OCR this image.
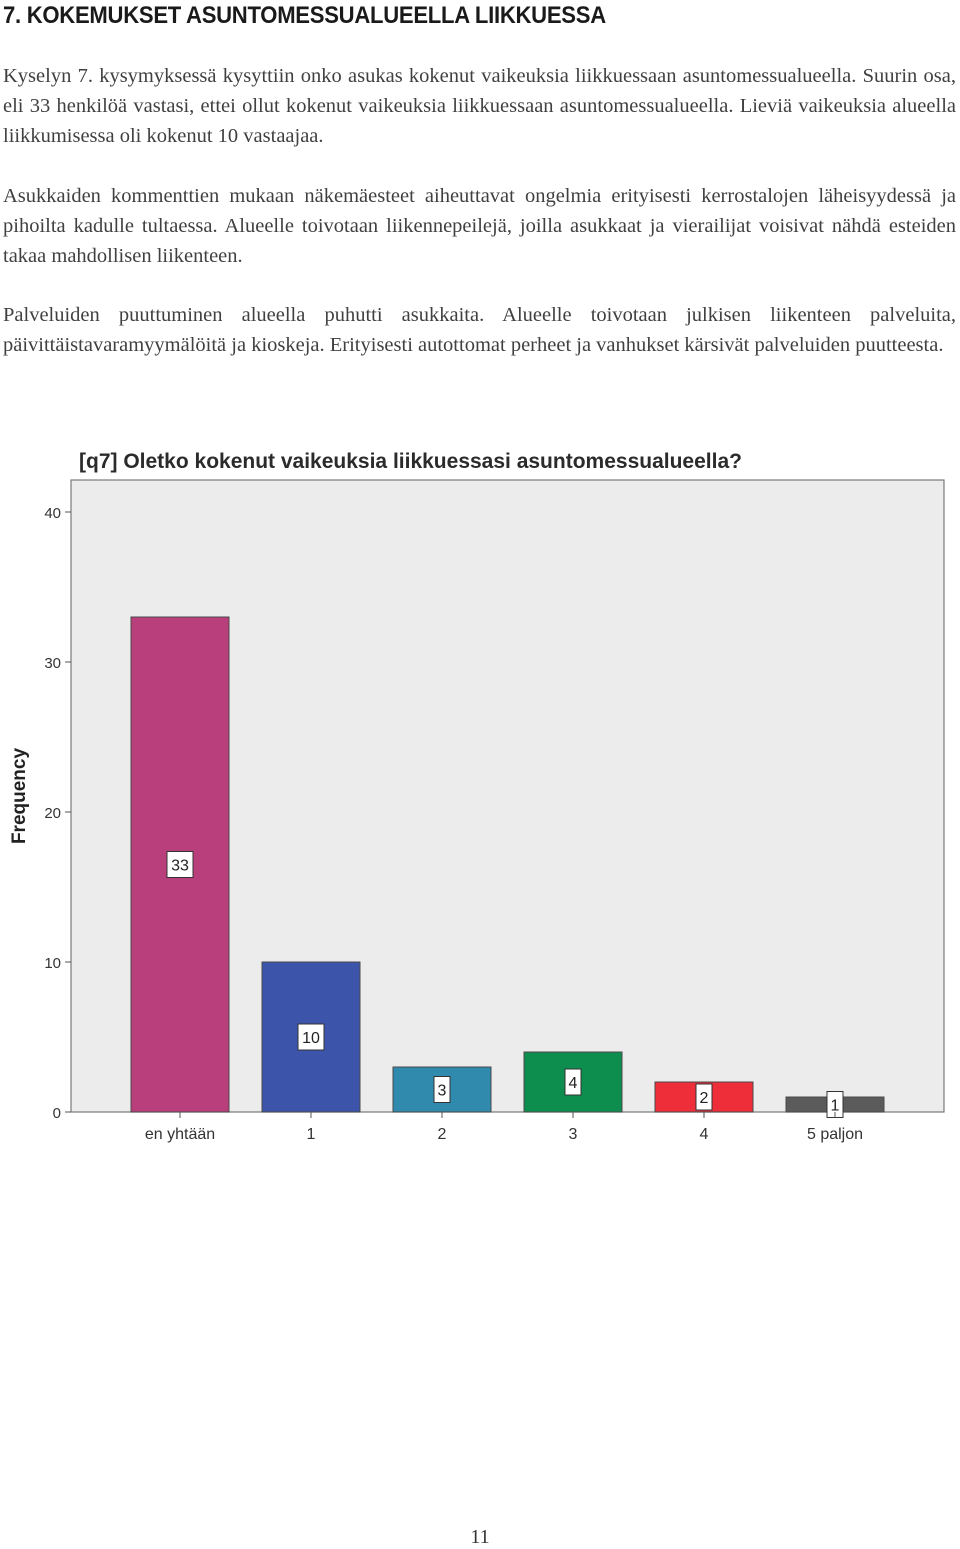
7. KOKEMUKSET ASUNTOMESSUALUEELLA LIIKKUESSA

Kyselyn 7. kysymyksessä kysyttiin onko asukas kokenut vaikeuksia liikkuessaan asuntomessualueella. Suurin osa, eli 33 henkilöä vastasi, ettei ollut kokenut vaikeuksia liikkuessaan asuntomessualueella. Lieviä vaikeuksia alueella liikkumisessa oli kokenut 10 vastaajaa.

Asukkaiden kommenttien mukaan näkemäesteet aiheuttavat ongelmia erityisesti kerrostalojen läheisyydessä ja pihoilta kadulle tultaessa. Alueelle toivotaan liikennepeilejä, joilla asukkaat ja vierailijat voisivat nähdä esteiden takaa mahdollisen liikenteen.

Palveluiden puuttuminen alueella puhutti asukkaita. Alueelle toivotaan julkisen liikenteen palveluita, päivittäistavaramyymälöitä ja kioskeja. Erityisesti autottomat perheet ja vanhukset kärsivät palveluiden puutteesta.

[q7] Oletko kokenut vaikeuksia liikkuessasi asuntomessualueella?
0
10
20
30
40
33
10
3	4
2	1
en yhtään	1	2	3	4	5 paljon
Frequency
11
